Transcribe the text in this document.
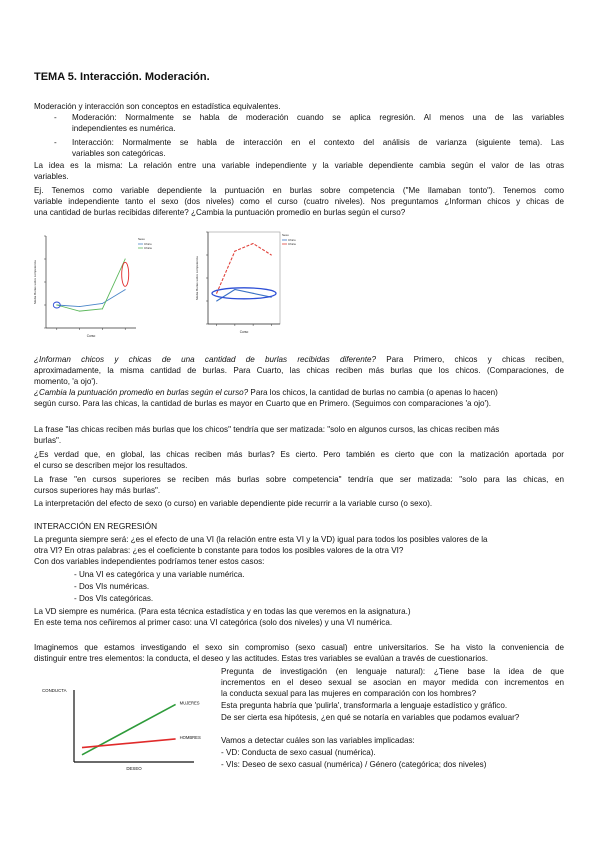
TEMA 5. Interacción. Moderación.

Moderación y interacción son conceptos en estadística equivalentes.

- Moderación: Normalmente se habla de moderación cuando se aplica regresión. Al menos una de las variables

independientes es numérica.

- Interacción: Normalmente se habla de interacción en el contexto del análisis de varianza (siguiente tema). Las

variables son categóricas.

La idea es la misma: La relación entre una variable independiente y la variable dependiente cambia según el valor de las otras

variables.

Ej. Tenemos como variable dependiente la puntuación en burlas sobre competencia ("Me llamaban tonto"). Tenemos como

variable independiente tanto el sexo (dos niveles) como el curso (cuatro niveles). Nos preguntamos ¿Informan chicos y chicas de

una cantidad de burlas recibidas diferente? ¿Cambia la puntuación promedio en burlas según el curso?

Media Burlas sobre competencia
Curso
Sexo
Chico
Chica
Media Burlas sobre competencia
Curso
Sexo
Chico
Chica

¿Informan chicos y chicas de una cantidad de burlas recibidas diferente? Para Primero, chicos y chicas reciben,

aproximadamente, la misma cantidad de burlas. Para Cuarto, las chicas reciben más burlas que los chicos. (Comparaciones, de

momento, 'a ojo').

¿Cambia la puntuación promedio en burlas según el curso? Para los chicos, la cantidad de burlas no cambia (o apenas lo hacen)

según curso. Para las chicas, la cantidad de burlas es mayor en Cuarto que en Primero. (Seguimos con comparaciones 'a ojo').

La frase "las chicas reciben más burlas que los chicos" tendría que ser matizada: "solo en algunos cursos, las chicas reciben más

burlas".

¿Es verdad que, en global, las chicas reciben más burlas? Es cierto. Pero también es cierto que con la matización aportada por

el curso se describen mejor los resultados.

La frase "en cursos superiores se reciben más burlas sobre competencia" tendría que ser matizada: "solo para las chicas, en

cursos superiores hay más burlas".

La interpretación del efecto de sexo (o curso) en variable dependiente pide recurrir a la variable curso (o sexo).

INTERACCIÓN EN REGRESIÓN

La pregunta siempre será: ¿es el efecto de una VI (la relación entre esta VI y la VD) igual para todos los posibles valores de la

otra VI? En otras palabras: ¿es el coeficiente b constante para todos los posibles valores de la otra VI?

Con dos variables independientes podríamos tener estos casos:

- Una VI es categórica y una variable numérica.

- Dos VIs numéricas.

- Dos VIs categóricas.

La VD siempre es numérica. (Para esta técnica estadística y en todas las que veremos en la asignatura.)

En este tema nos ceñiremos al primer caso: una VI categórica (solo dos niveles) y una VI numérica.

Imaginemos que estamos investigando el sexo sin compromiso (sexo casual) entre universitarios. Se ha visto la conveniencia de

distinguir entre tres elementos: la conducta, el deseo y las actitudes. Estas tres variables se evalúan a través de cuestionarios.

CONDUCTA
DESEO
MUJERES
HOMBRES

Pregunta de investigación (en lenguaje natural): ¿Tiene base la idea de que

incrementos en el deseo sexual se asocian en mayor medida con incrementos en

la conducta sexual para las mujeres en comparación con los hombres?

Esta pregunta habría que 'pulirla', transformarla a lenguaje estadístico y gráfico.

De ser cierta esa hipótesis, ¿en qué se notaría en variables que podamos evaluar?

Vamos a detectar cuáles son las variables implicadas:

- VD: Conducta de sexo casual (numérica).

- VIs: Deseo de sexo casual (numérica) / Género (categórica; dos niveles)
